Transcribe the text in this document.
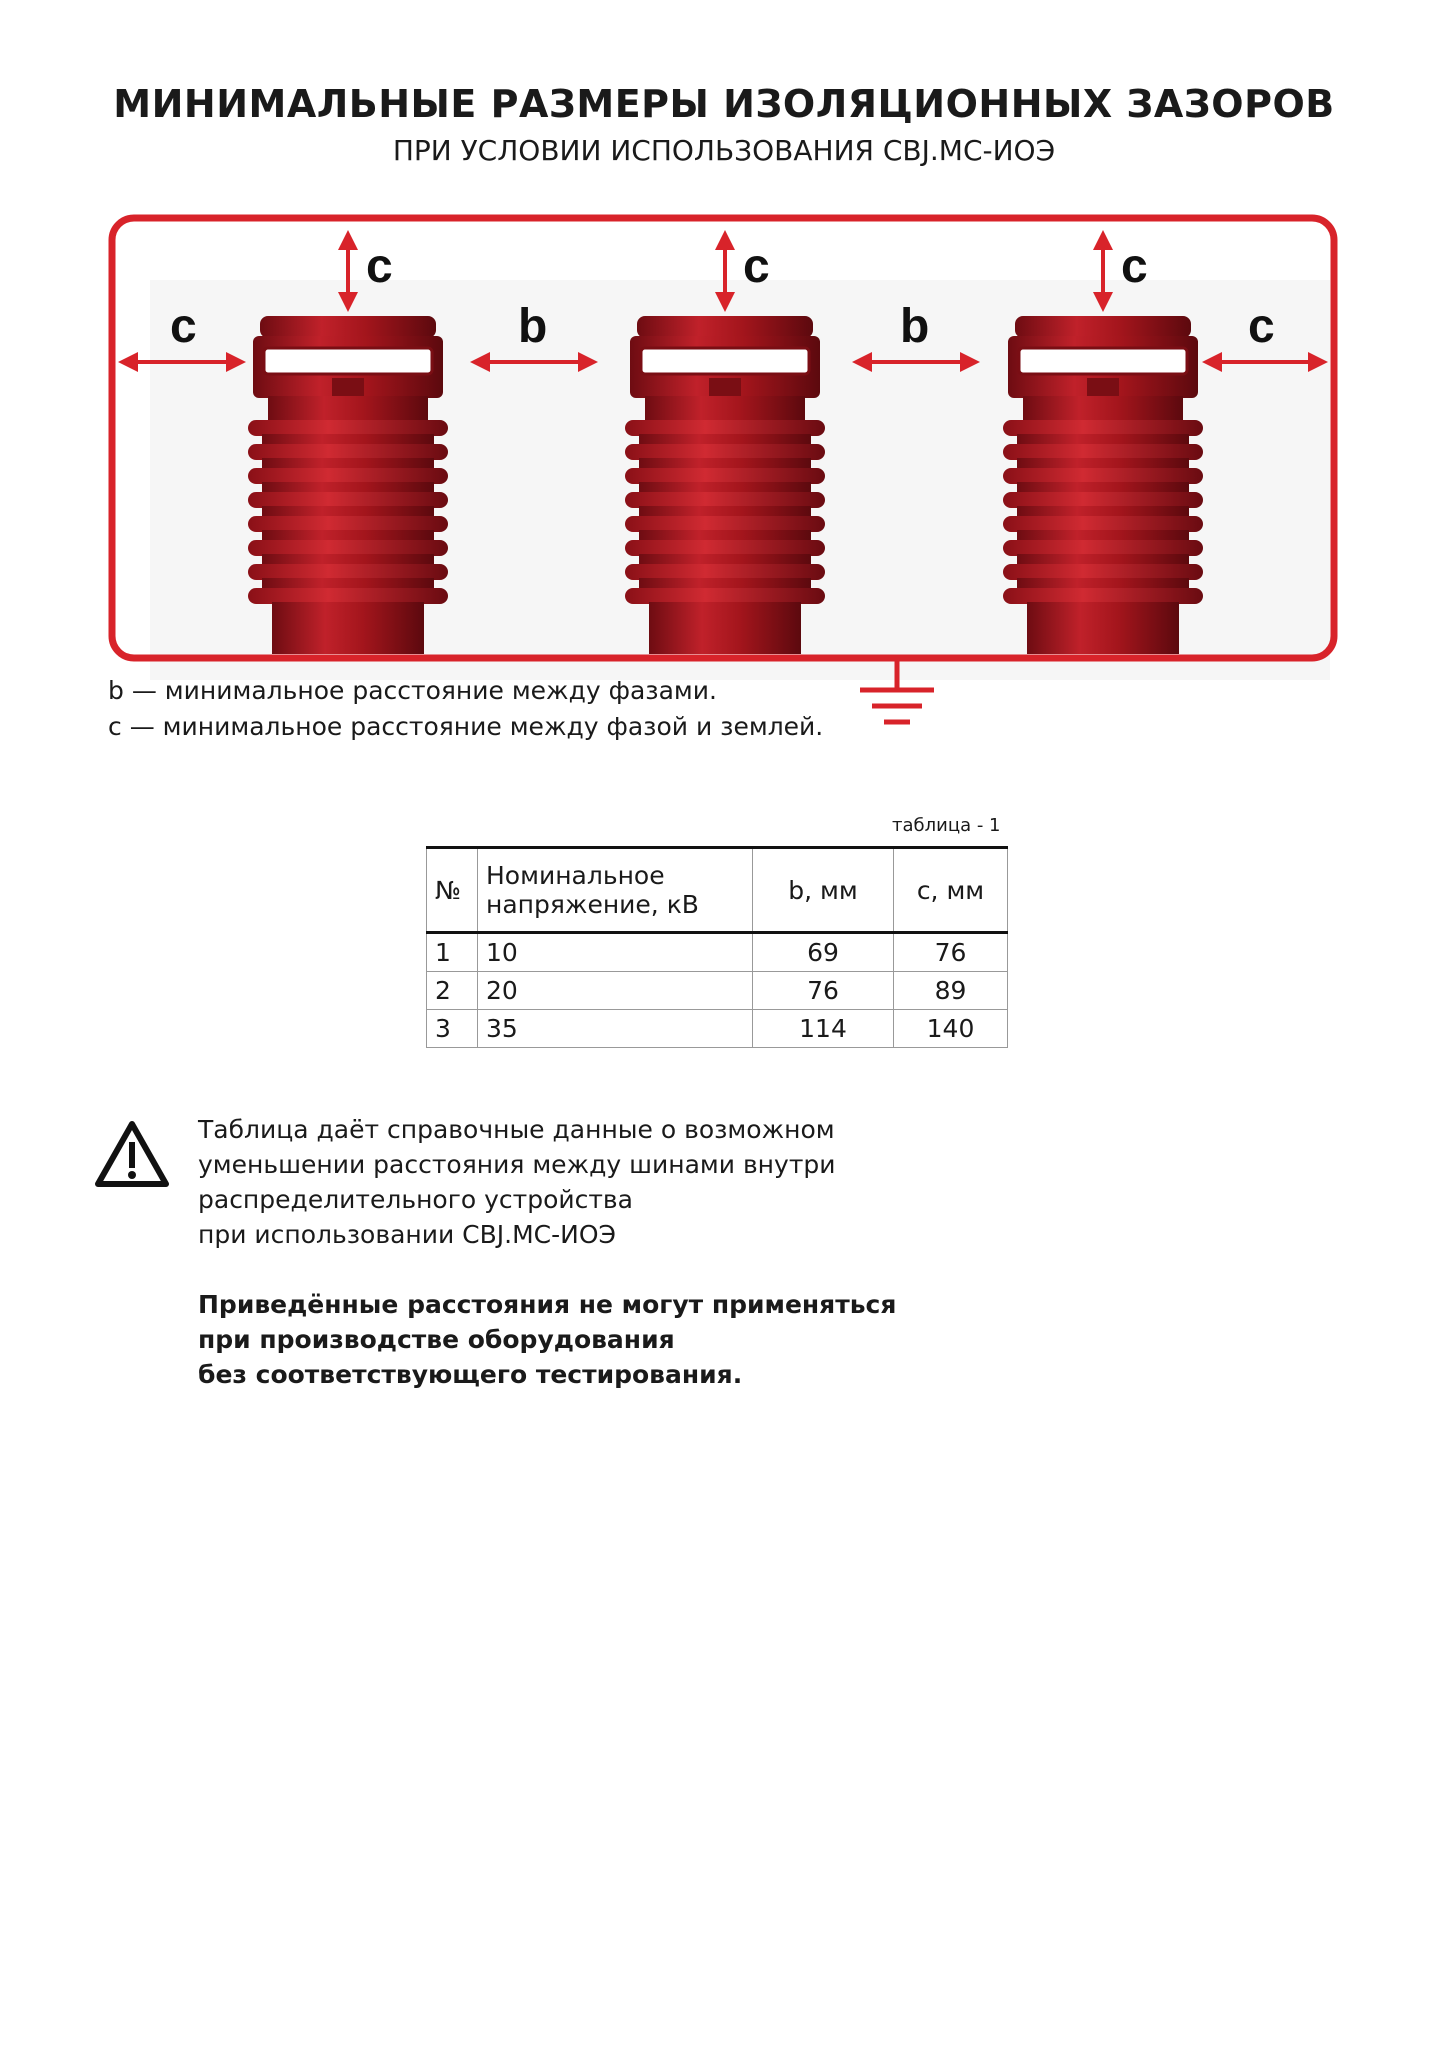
МИНИМАЛЬНЫЕ РАЗМЕРЫ ИЗОЛЯЦИОННЫХ ЗАЗОРОВ
ПРИ УСЛОВИИ ИСПОЛЬЗОВАНИЯ CBJ.MC-ИОЭ
c	c	c
c	b	b	c
b — минимальное расстояние между фазами.
c — минимальное расстояние между фазой и землей.
таблица - 1
№	Номинальное напряжение, кВ	b, мм	c, мм
1	10	69	76
2	20	76	89
3	35	114	140

Таблица даёт справочные данные о возможном

уменьшении расстояния между шинами внутри

распределительного устройства

при использовании CBJ.MC-ИОЭ

Приведённые расстояния не могут применяться

при производстве оборудования

без соответствующего тестирования.
